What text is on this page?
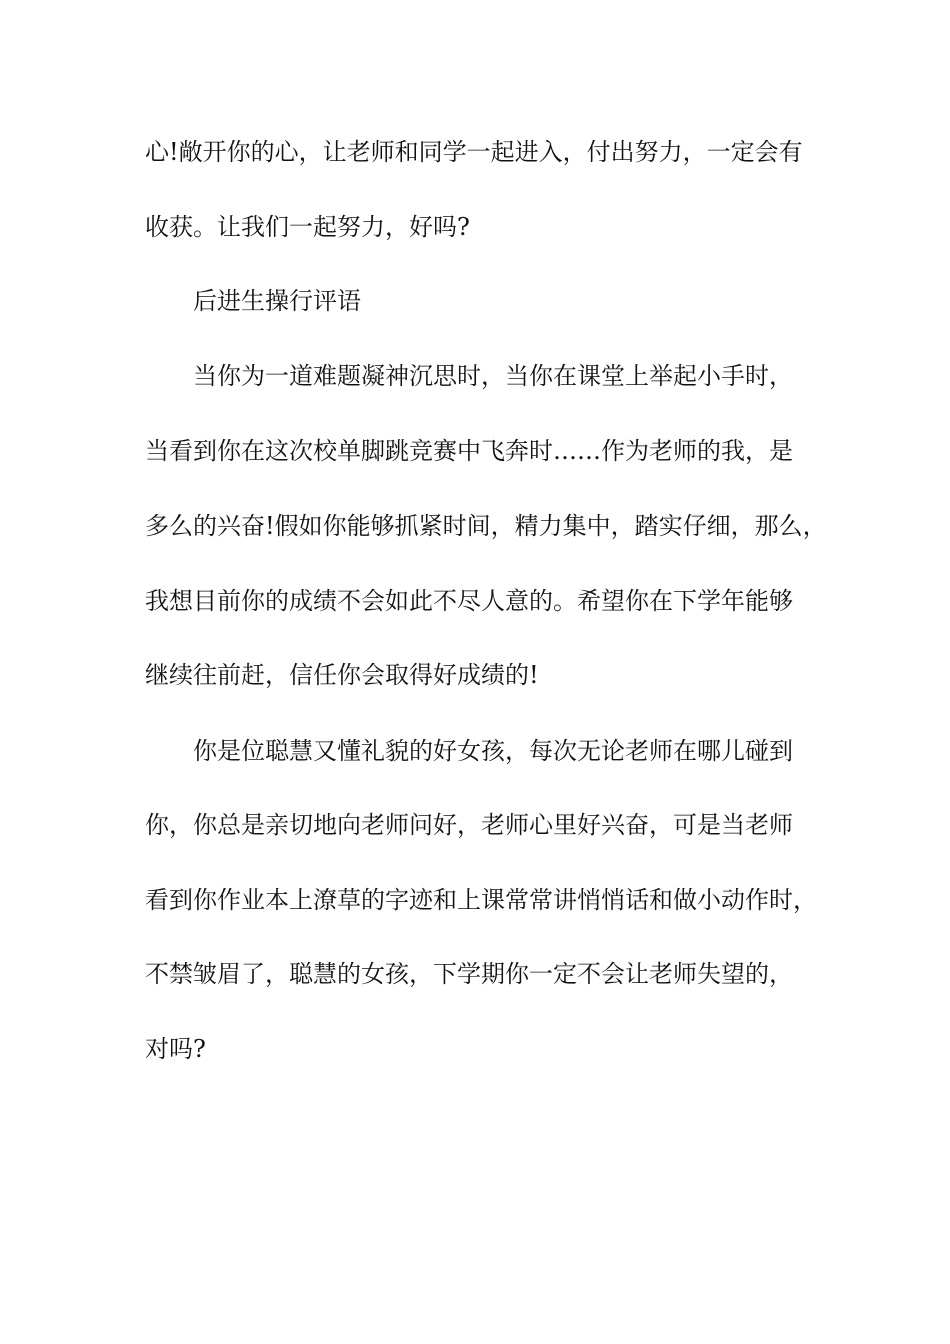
心!敞开你的心，让老师和同学一起进入，付出努力，一定会有
收获。让我们一起努力，好吗?
后进生操行评语
当你为一道难题凝神沉思时，当你在课堂上举起小手时，
当看到你在这次校单脚跳竞赛中飞奔时……作为老师的我，是
多么的兴奋!假如你能够抓紧时间，精力集中，踏实仔细，那么，
我想目前你的成绩不会如此不尽人意的。希望你在下学年能够
继续往前赶，信任你会取得好成绩的!
你是位聪慧又懂礼貌的好女孩，每次无论老师在哪儿碰到
你，你总是亲切地向老师问好，老师心里好兴奋，可是当老师
看到你作业本上潦草的字迹和上课常常讲悄悄话和做小动作时，
不禁皱眉了，聪慧的女孩，下学期你一定不会让老师失望的，
对吗?
